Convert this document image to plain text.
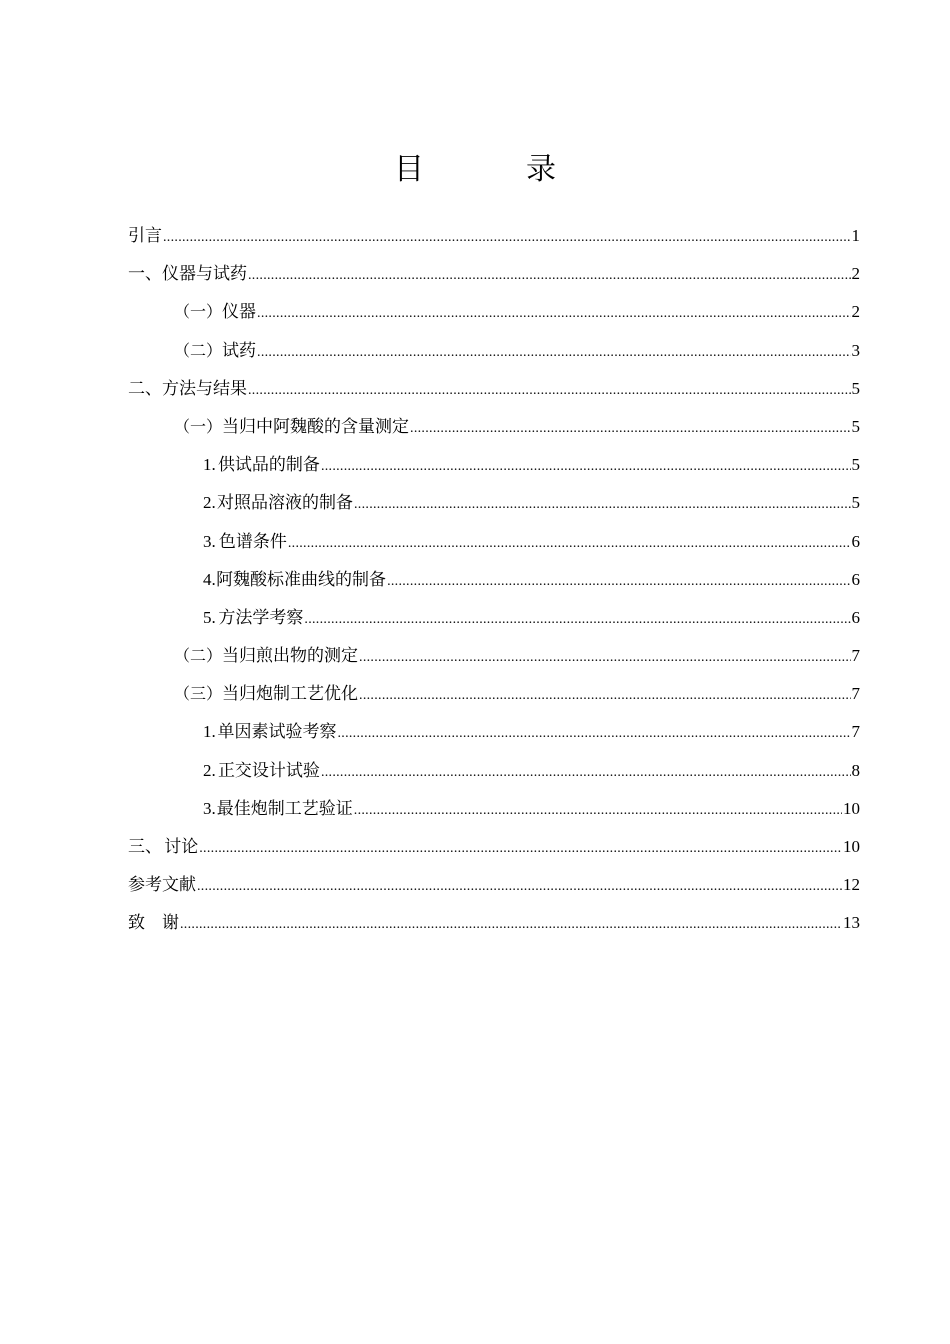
目　录
引言 .....	1
一、 仪器与试药 .....	2
（一） 仪器 .....	2
（二） 试药 .....	3
二、 方法与结果 .....	5
（一） 当归中阿魏酸的含量测定 .....	5
1. 供试品的制备 .....	5
2. 对照品溶液的制备 .....	5
3. 色谱条件 .....	6
4. 阿魏酸标准曲线的制备 .....	6
5. 方法学考察 .....	6
（二） 当归煎出物的测定 .....	7
（三） 当归炮制工艺优化 .....	7
1. 单因素试验考察 .....	7
2. 正交设计试验 .....	8
3. 最佳炮制工艺验证 .....	10
三、 讨论 .....	10
参考文献 .....	12
致　谢 .....	13
